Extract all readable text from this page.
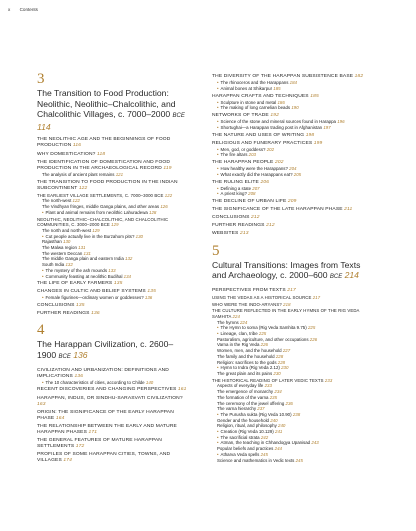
x Contents
3
The Transition to Food Production: Neolithic, Neolithic–Chalcolithic, and Chalcolithic Villages, c. 7000–2000 BCE 114
THE NEOLITHIC AGE AND THE BEGINNINGS OF FOOD PRODUCTION 116
WHY DOMESTICATION? 118
THE IDENTIFICATION OF DOMESTICATION AND FOOD PRODUCTION IN THE ARCHAEOLOGICAL RECORD 119
The analysis of ancient plant remains 121
THE TRANSITION TO FOOD PRODUCTION IN THE INDIAN SUBCONTINENT 122
THE EARLIEST VILLAGE SETTLEMENTS, C. 7000–3000 BCE 122
The north-west 122
The Vindhyan fringes, middle Ganga plains, and other areas 126
• Plant and animal remains from neolithic Lahuradewa 128
NEOLITHIC, NEOLITHIC–CHALCOLITHIC, AND CHALCOLITHIC COMMUNITIES, C. 3000–2000 BCE 129
The north and north-west 129
• Cut people actually live in the Burzahom pits? 130
Rajasthan 130
The Malwa region 131
The western Deccan 131
The middle Ganga plain and eastern India 132
South India 132
• The mystery of the ash mounds 133
• Community feasting at neolithic Budihal 134
THE LIFE OF EARLY FARMERS 135
CHANGES IN CULTIC AND BELIEF SYSTEMS 135
• Female figurines—ordinary women or goddesses? 136
CONCLUSIONS 135
FURTHER READINGS 136
4
The Harappan Civilization, c. 2600–1900 BCE 136
CIVILIZATION AND URBANIZATION: DEFINITIONS AND IMPLICATIONS 136
• The 10 characteristics of cities, according to Childe 140
RECENT DISCOVERIES AND CHANGING PERSPECTIVES 161
HARAPPAN, INDUS, OR SINDHU-SARASVATI CIVILIZATION? 163
ORIGIN: THE SIGNIFICANCE OF THE EARLY HARAPPAN PHASE 164
THE RELATIONSHIP BETWEEN THE EARLY AND MATURE HARAPPAN PHASES 171
THE GENERAL FEATURES OF MATURE HARAPPAN SETTLEMENTS 172
PROFILES OF SOME HARAPPAN CITIES, TOWNS, AND VILLAGES 174
THE DIVERSITY OF THE HARAPPAN SUBSISTENCE BASE 182
• The rhinoceros and the Harappans 184
• Animal bones at Shikarpur 185
HARAPPAN CRAFTS AND TECHNIQUES 185
• Sculpture in stone and metal 186
• The making of long carnelian beads 190
NETWORKS OF TRADE 192
• Science of the stone and mineral sources found in Harappa 196
• Shortughai—a Harappan trading post in Afghanistan 197
THE NATURE AND USES OF WRITING 198
RELIGIOUS AND FUNERARY PRACTICES 199
• Men, god, or goddess? 202
• The fire altars 203
THE HARAPPAN PEOPLE 202
• How healthy were the Harappans? 204
• What exactly did the Harappans eat? 205
THE RULING ELITE 206
• Defining a state 207
• A priest king? 208
THE DECLINE OF URBAN LIFE 209
THE SIGNIFICANCE OF THE LATE HARAPPAN PHASE 211
CONCLUSIONS 212
FURTHER READINGS 212
WEBSITES 213
5
Cultural Transitions: Images from Texts and Archaeology, c. 2000–600 BCE 214
PERSPECTIVES FROM TEXTS 217
USING THE VEDAS AS A HISTORICAL SOURCE 217
WHO WERE THE INDO-ARYANS? 218
THE CULTURE REFLECTED IN THE EARLY HYMNS OF THE RIG VEDA SAMHITA 224
The hymns 224
• The Hymn to soma (Rig Veda Samhita 9.75) 225
• Lineage, clan, tribe 225
Pastoralism, agriculture, and other occupations 226
Varna in the Rig Veda 226
Women, men, and the household 227
The family and the household 228
Religion: sacrifices to the gods 228
• Hymn to Indra (Rig Veda 2.12) 230
The great plain and its pains 230
THE HISTORICAL READING OF LATER VEDIC TEXTS 233
Aspects of everyday life 233
The emergence of monarchy 234
The formation of the varna 235
The ceremony of the jewel offering 236
The varna hierarchy 237
• The Purusha sukta (Rig Veda 10.90) 238
Gender and the household 240
Religion, ritual, and philosophy 240
• Creation (Rig Veda 10.129) 241
• The sacrificial strata 242
• Atman, the teaching in Chhandogya Upanisad 243
Popular beliefs and practices 244
• Atharva Veda spells 245
Science and mathematics in Vedic texts 245
